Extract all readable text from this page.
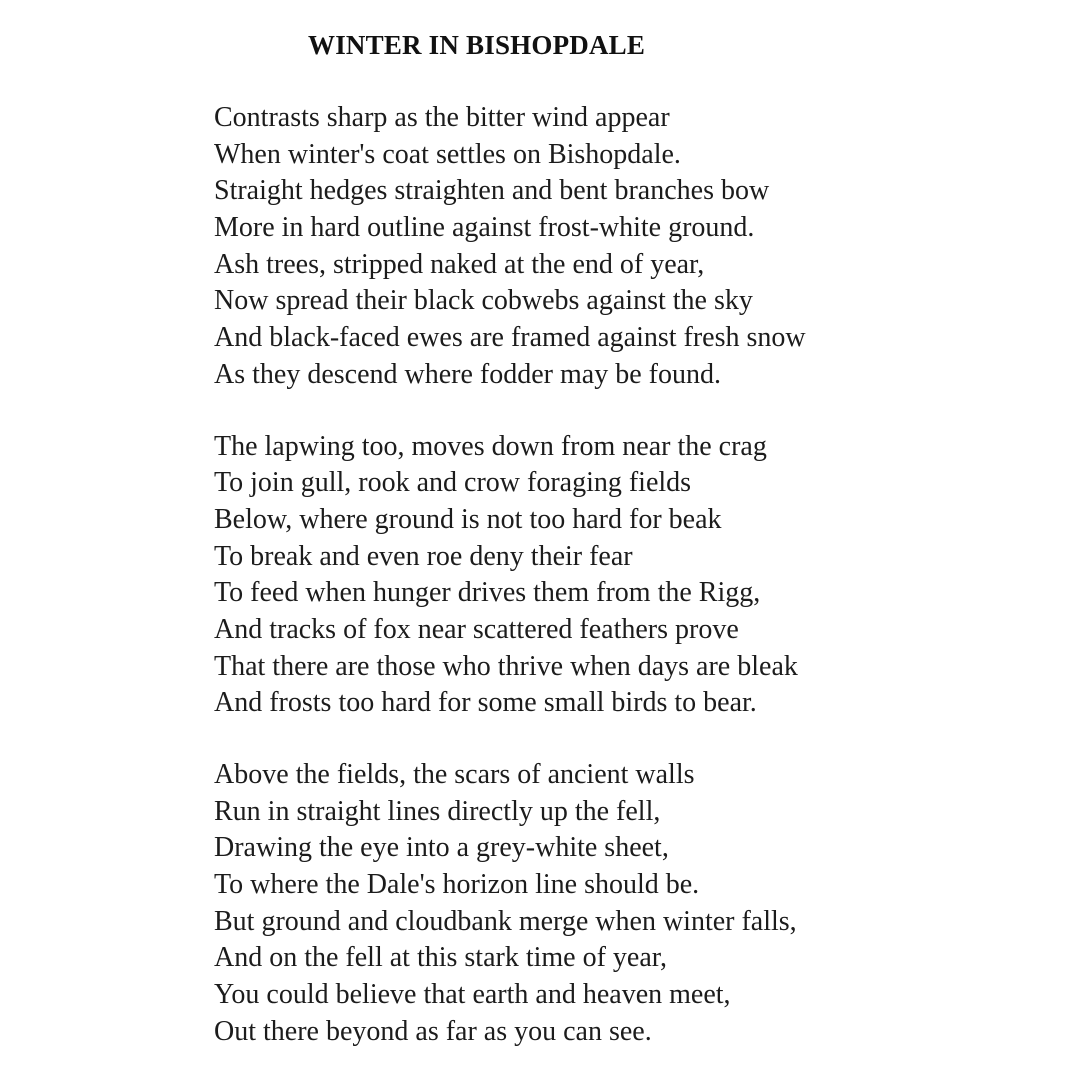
WINTER IN BISHOPDALE
Contrasts sharp as the bitter wind appear
When winter's coat settles on Bishopdale.
Straight hedges straighten and bent branches bow
More in hard outline against frost-white ground.
Ash trees, stripped naked at the end of year,
Now spread their black cobwebs against the sky
And black-faced ewes are framed against fresh snow
As they descend where fodder may be found.
The lapwing too, moves down from near the crag
To join gull, rook and crow foraging fields
Below, where ground is not too hard for beak
To break and even roe deny their fear
To feed when hunger drives them from the Rigg,
And tracks of fox near scattered feathers prove
That there are those who thrive when days are bleak
And frosts too hard for some small birds to bear.
Above the fields, the scars of ancient walls
Run in straight lines directly up the fell,
Drawing the eye into a grey-white sheet,
To where the Dale's horizon line should be.
But ground and cloudbank merge when winter falls,
And on the fell at this stark time of year,
You could believe that earth and heaven meet,
Out there beyond as far as you can see.
